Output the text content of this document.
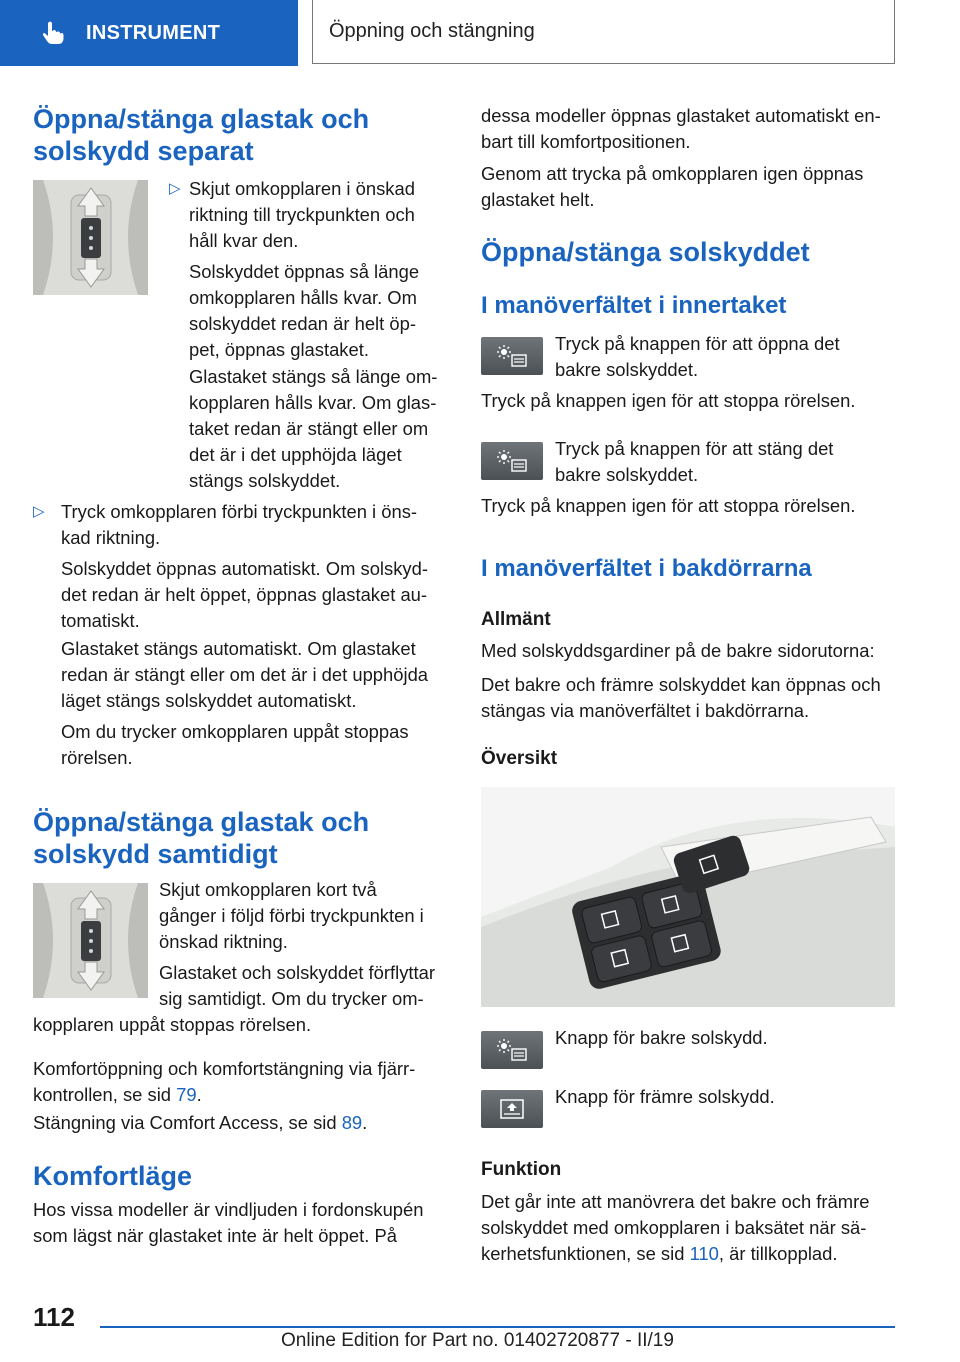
INSTRUMENT	Öppning och stängning
Öppna/stänga glastak och
solskydd separat
▷ Skjut omkopplaren i önskad
riktning till tryckpunkten och
håll kvar den.

Solskyddet öppnas så länge
omkopplaren hålls kvar. Om
solskyddet redan är helt öp-
pet, öppnas glastaket.

Glastaket stängs så länge om-
kopplaren hålls kvar. Om glas-
taket redan är stängt eller om
det är i det upphöjda läget
stängs solskyddet.

▷ Tryck omkopplaren förbi tryckpunkten i öns-
kad riktning.

Solskyddet öppnas automatiskt. Om solskyd-
det redan är helt öppet, öppnas glastaket au-
tomatiskt.

Glastaket stängs automatiskt. Om glastaket
redan är stängt eller om det är i det upphöjda
läget stängs solskyddet automatiskt.

Om du trycker omkopplaren uppåt stoppas
rörelsen.

Öppna/stänga glastak och
solskydd samtidigt

Skjut omkopplaren kort två
gånger i följd förbi tryckpunkten i
önskad riktning.

Glastaket och solskyddet förflyttar
sig samtidigt. Om du trycker om-

kopplaren uppåt stoppas rörelsen.

Komfortöppning och komfortstängning via fjärr-
kontrollen, se sid 79.

Stängning via Comfort Access, se sid 89.

Komfortläge

Hos vissa modeller är vindljuden i fordonskupén
som lägst när glastaket inte är helt öppet. På

dessa modeller öppnas glastaket automatiskt en-
bart till komfortpositionen.

Genom att trycka på omkopplaren igen öppnas
glastaket helt.

Öppna/stänga solskyddet
I manöverfältet i innertaket

Tryck på knappen för att öppna det
bakre solskyddet.

Tryck på knappen igen för att stoppa rörelsen.

Tryck på knappen för att stäng det
bakre solskyddet.

Tryck på knappen igen för att stoppa rörelsen.

I manöverfältet i bakdörrarna
Allmänt

Med solskyddsgardiner på de bakre sidorutorna:

Det bakre och främre solskyddet kan öppnas och
stängas via manöverfältet i bakdörrarna.

Översikt

Knapp för bakre solskydd.

Knapp för främre solskydd.

Funktion

Det går inte att manövrera det bakre och främre
solskyddet med omkopplaren i baksätet när sä-
kerhetsfunktionen, se sid 110, är tillkopplad.

112
Online Edition for Part no. 01402720877 - II/19
